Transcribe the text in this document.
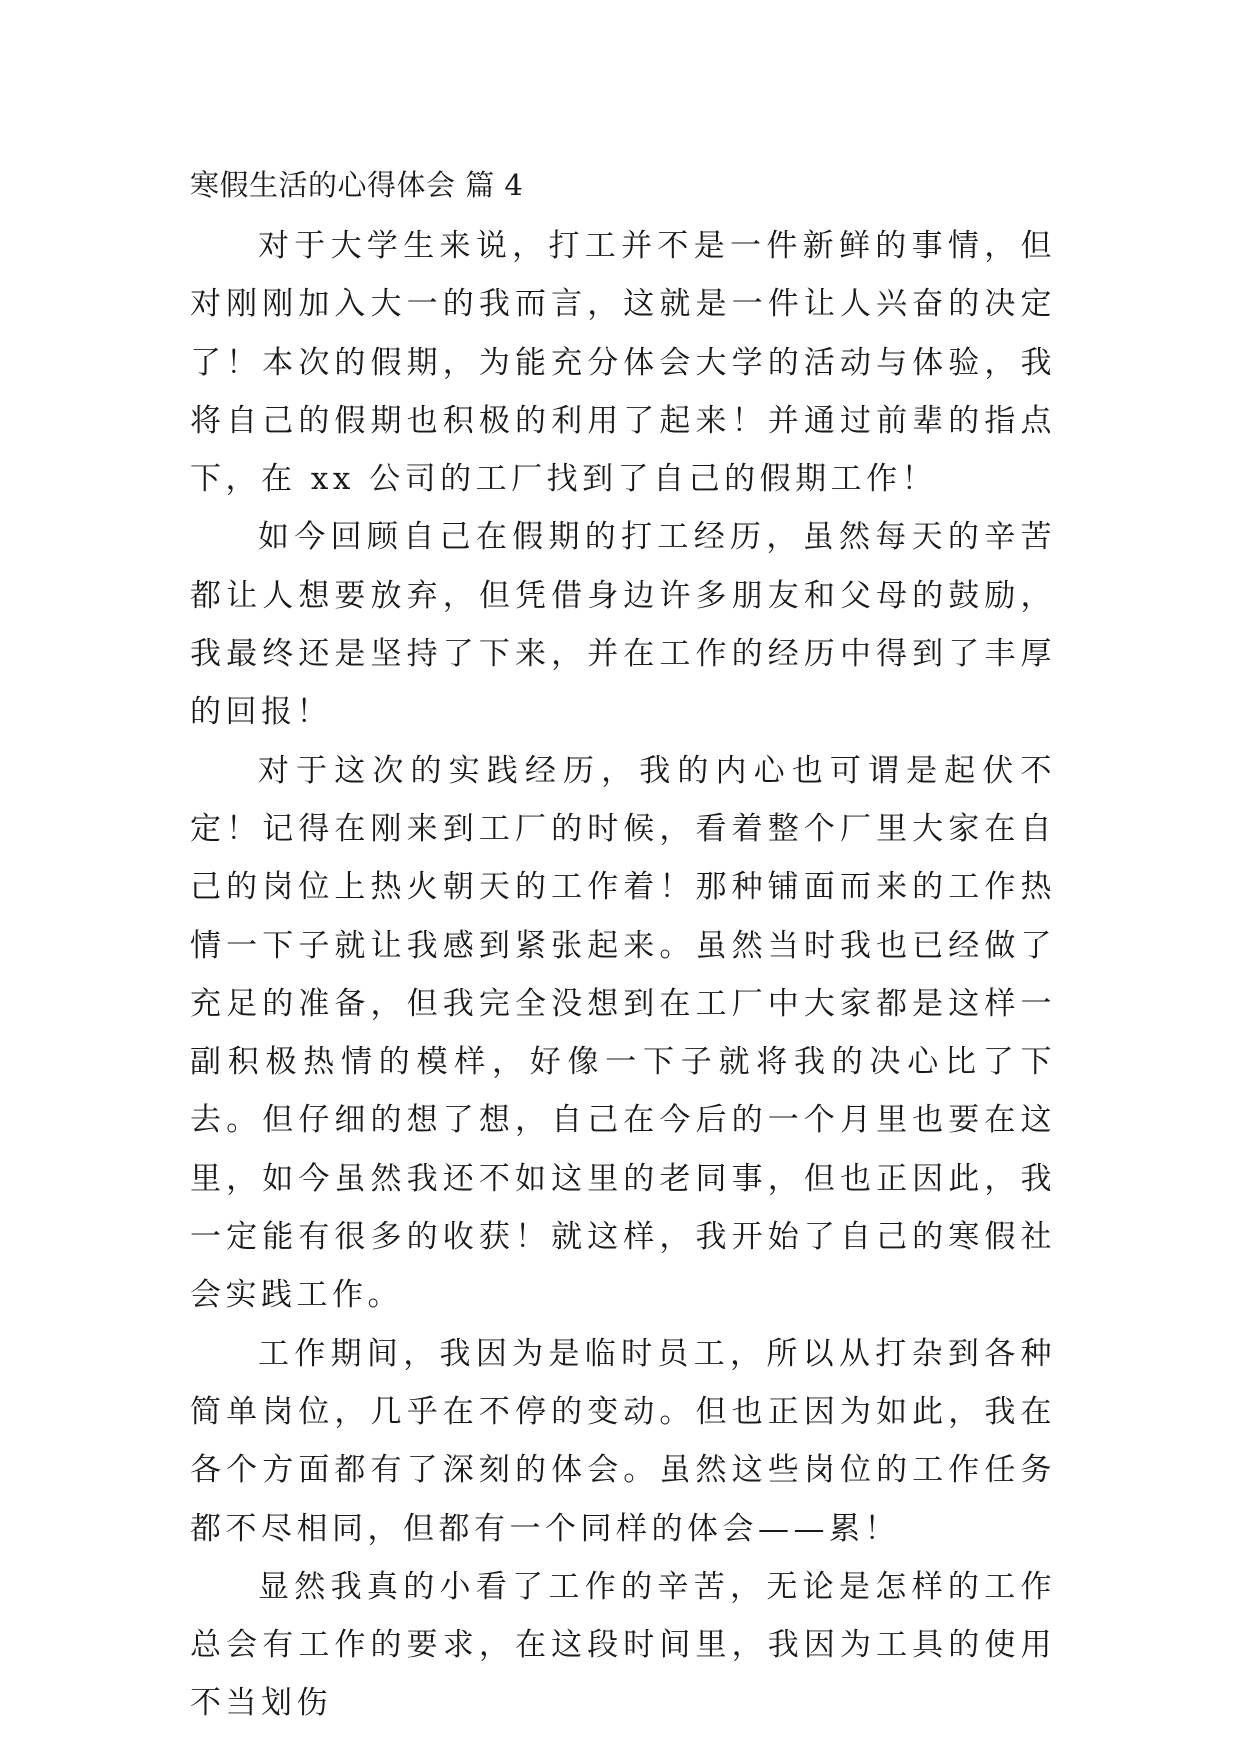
寒假生活的心得体会 篇 4

对于大学生来说，打工并不是一件新鲜的事情，但对刚刚加入大一的我而言，这就是一件让人兴奋的决定了！本次的假期，为能充分体会大学的活动与体验，我将自己的假期也积极的利用了起来！并通过前辈的指点下，在 xx 公司的工厂找到了自己的假期工作！

如今回顾自己在假期的打工经历，虽然每天的辛苦都让人想要放弃，但凭借身边许多朋友和父母的鼓励，我最终还是坚持了下来，并在工作的经历中得到了丰厚的回报！

对于这次的实践经历，我的内心也可谓是起伏不定！记得在刚来到工厂的时候，看着整个厂里大家在自己的岗位上热火朝天的工作着！那种铺面而来的工作热情一下子就让我感到紧张起来。虽然当时我也已经做了充足的准备，但我完全没想到在工厂中大家都是这样一副积极热情的模样，好像一下子就将我的决心比了下去。但仔细的想了想，自己在今后的一个月里也要在这里，如今虽然我还不如这里的老同事，但也正因此，我一定能有很多的收获！就这样，我开始了自己的寒假社会实践工作。

工作期间，我因为是临时员工，所以从打杂到各种简单岗位，几乎在不停的变动。但也正因为如此，我在各个方面都有了深刻的体会。虽然这些岗位的工作任务都不尽相同，但都有一个同样的体会——累！

显然我真的小看了工作的辛苦，无论是怎样的工作总会有工作的要求，在这段时间里，我因为工具的使用不当划伤
